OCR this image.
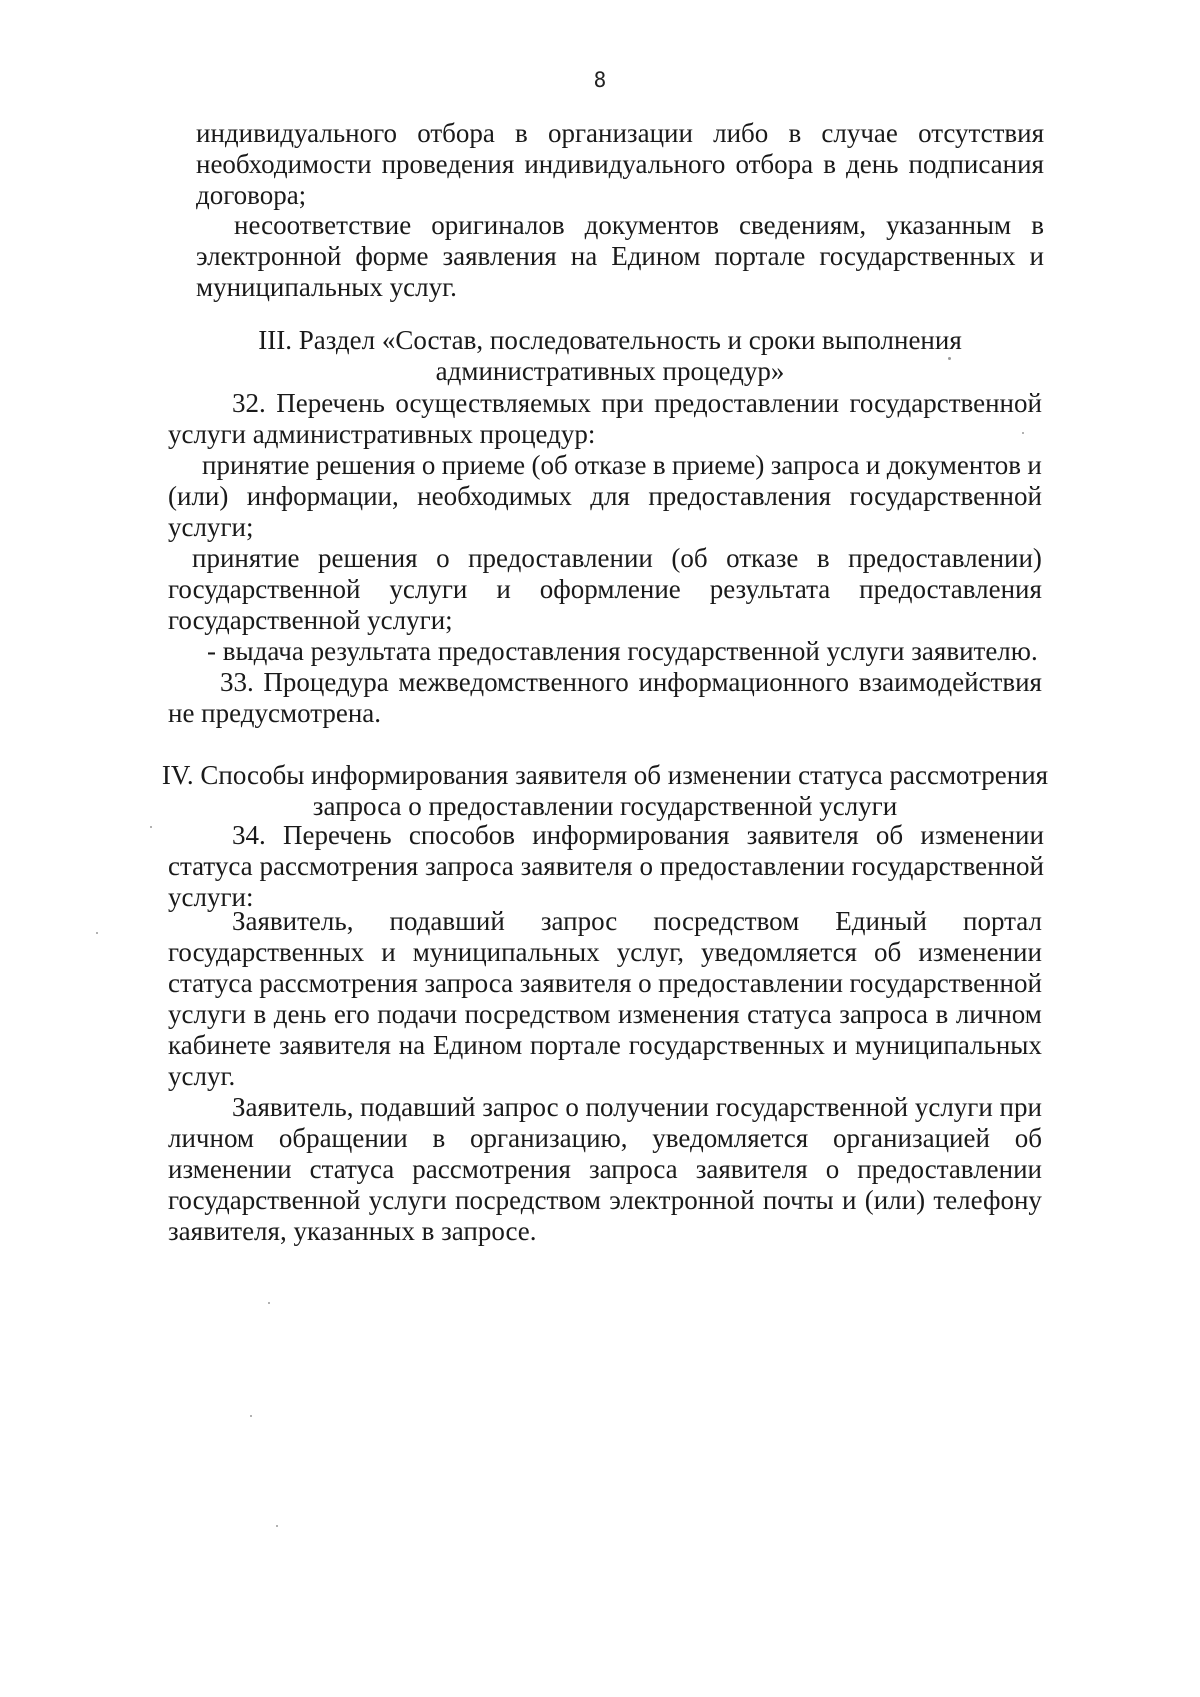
8
индивидуального отбора в организации либо в случае отсутствия
необходимости проведения индивидуального отбора в день подписания
договора;
несоответствие оригиналов документов сведениям, указанным в
электронной форме заявления на Едином портале государственных и
муниципальных услуг.
III. Раздел «Состав, последовательность и сроки выполнения
административных процедур»
32. Перечень осуществляемых при предоставлении государственной
услуги административных процедур:
принятие решения о приеме (об отказе в приеме) запроса и документов и
(или) информации, необходимых для предоставления государственной
услуги;
принятие решения о предоставлении (об отказе в предоставлении)
государственной услуги и оформление результата предоставления
государственной услуги;
- выдача результата предоставления государственной услуги заявителю.
33. Процедура межведомственного информационного взаимодействия
не предусмотрена.
IV. Способы информирования заявителя об изменении статуса рассмотрения
запроса о предоставлении государственной услуги
34. Перечень способов информирования заявителя об изменении
статуса рассмотрения запроса заявителя о предоставлении государственной
услуги:
Заявитель, подавший запрос посредством Единый портал
государственных и муниципальных услуг, уведомляется об изменении
статуса рассмотрения запроса заявителя о предоставлении государственной
услуги в день его подачи посредством изменения статуса запроса в личном
кабинете заявителя на Едином портале государственных и муниципальных
услуг.
Заявитель, подавший запрос о получении государственной услуги при
личном обращении в организацию, уведомляется организацией об
изменении статуса рассмотрения запроса заявителя о предоставлении
государственной услуги посредством электронной почты и (или) телефону
заявителя, указанных в запросе.
